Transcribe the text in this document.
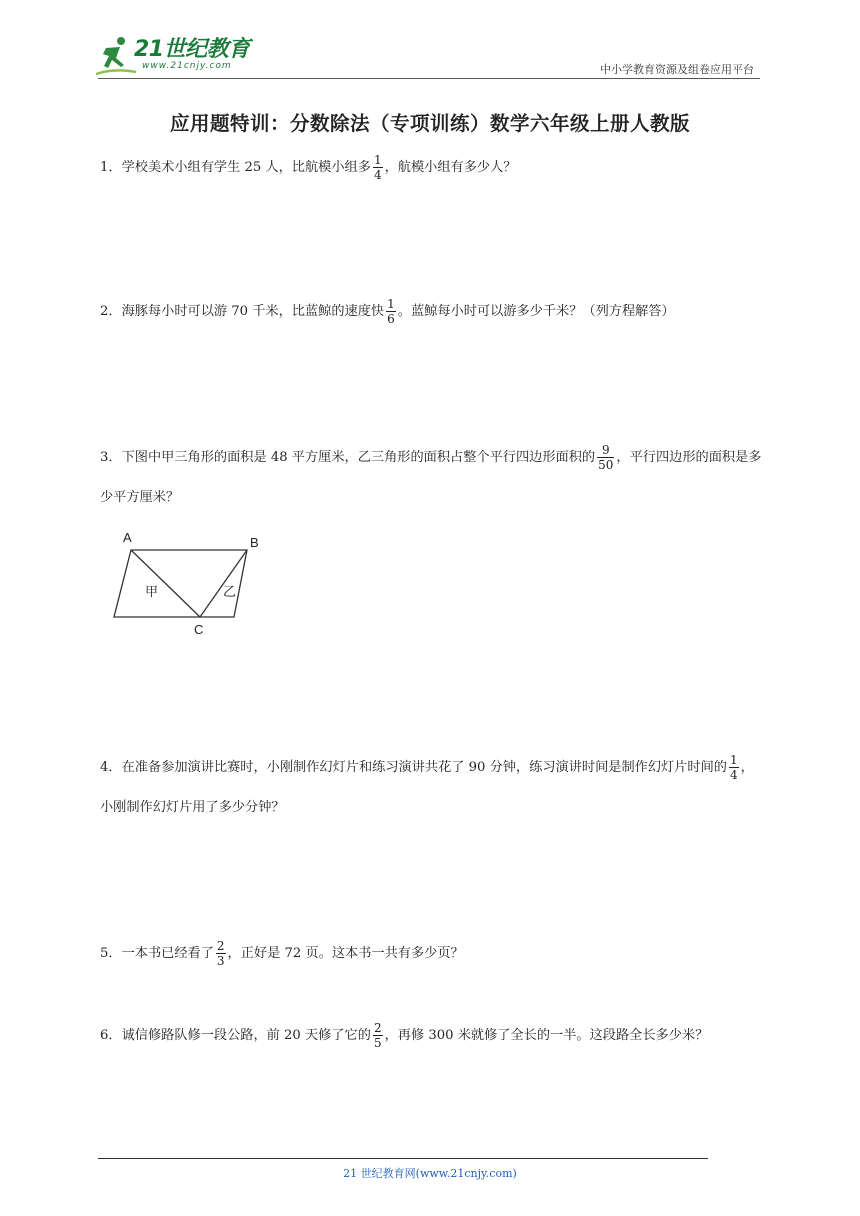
21世纪教育
www.21cnjy.com	中小学教育资源及组卷应用平台
应用题特训：分数除法（专项训练）数学六年级上册人教版
1．学校美术小组有学生 25 人，比航模小组多 $\frac{1}{4}$ ，航模小组有多少人？
2．海豚每小时可以游 70 千米，比蓝鲸的速度快 $\frac{1}{6}$ 。蓝鲸每小时可以游多少千米？（列方程解答）
3．下图中甲三角形的面积是 48 平方厘米，乙三角形的面积占整个平行四边形面积的 $\frac{9}{50}$ ，平行四边形的面积是多少平方厘米？
A	B
C
甲	乙
4．在准备参加演讲比赛时，小刚制作幻灯片和练习演讲共花了 90 分钟，练习演讲时间是制作幻灯片时间的 $\frac{1}{4}$ ，小刚制作幻灯片用了多少分钟？
5．一本书已经看了 $\frac{2}{3}$ ，正好是 72 页。这本书一共有多少页？
6．诚信修路队修一段公路，前 20 天修了它的 $\frac{2}{5}$ ，再修 300 米就修了全长的一半。这段路全长多少米？
21 世纪教育网(www.21cnjy.com)
